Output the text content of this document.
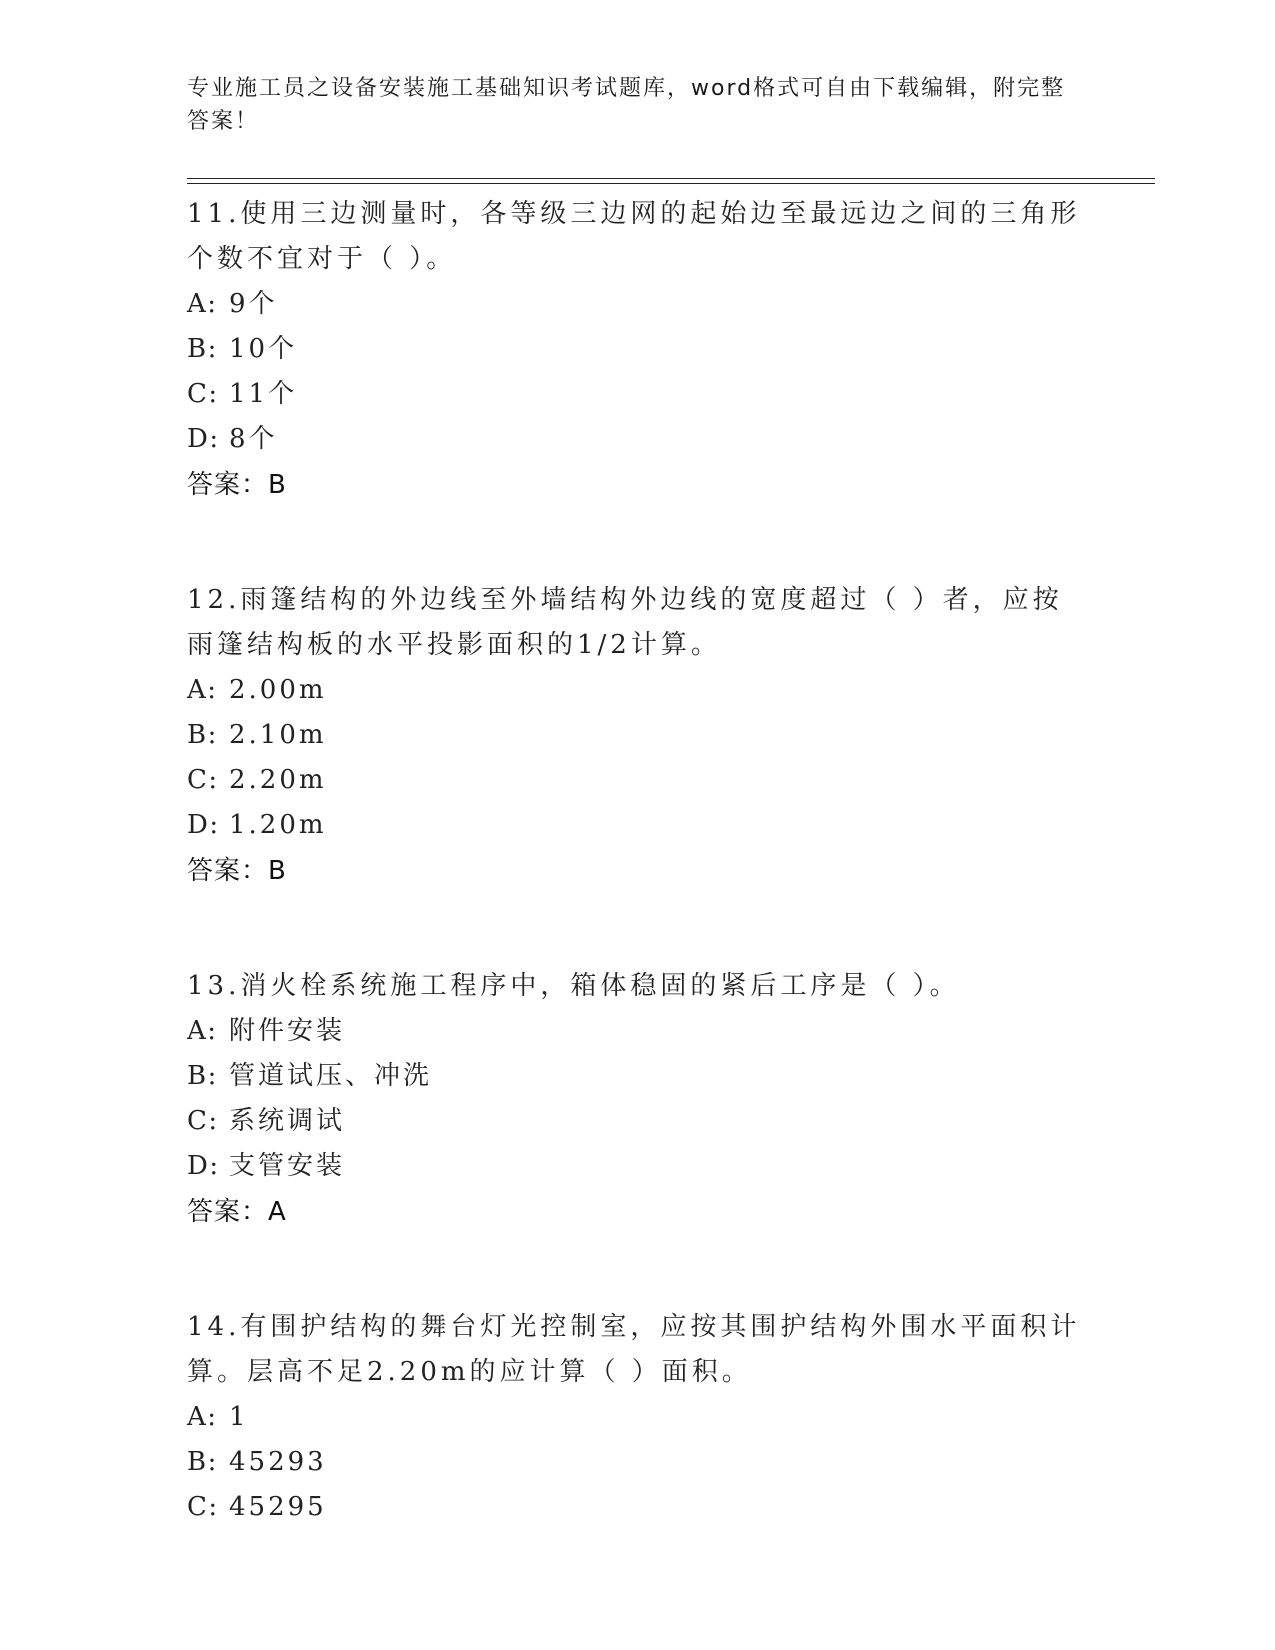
专业施工员之设备安装施工基础知识考试题库，word格式可自由下载编辑，附完整答案！

11.使用三边测量时，各等级三边网的起始边至最远边之间的三角形个数不宜对于（ ）。

A: 9个
B: 10个
C: 11个
D: 8个

答案：B

12.雨篷结构的外边线至外墙结构外边线的宽度超过（ ）者，应按雨篷结构板的水平投影面积的1/2计算。

A: 2.00m
B: 2.10m
C: 2.20m
D: 1.20m

答案：B

13.消火栓系统施工程序中，箱体稳固的紧后工序是（ ）。

A: 附件安装
B: 管道试压、冲洗
C: 系统调试
D: 支管安装

答案：A

14.有围护结构的舞台灯光控制室，应按其围护结构外围水平面积计算。层高不足2.20m的应计算（ ）面积。

A: 1
B: 45293
C: 45295
